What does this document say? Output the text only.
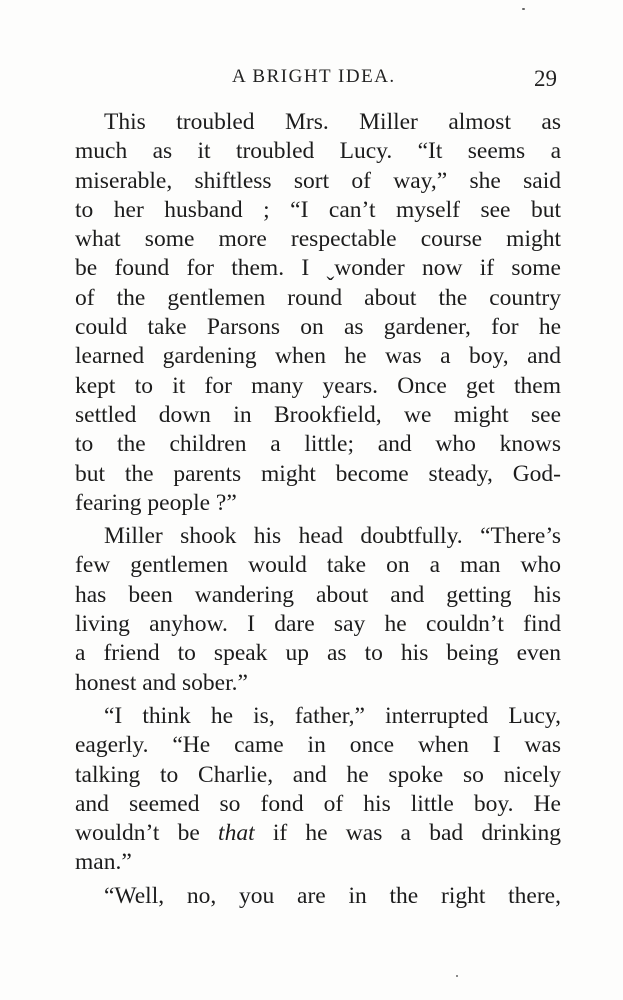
A BRIGHT IDEA.	29
This troubled Mrs. Miller almost as
much as it troubled Lucy. “It seems a
miserable, shiftless sort of way,” she said
to her husband ; “I can’t myself see but
what some more respectable course might
be found for them. I ˬwonder now if some
of the gentlemen round about the country
could take Parsons on as gardener, for he
learned gardening when he was a boy, and
kept to it for many years. Once get them
settled down in Brookfield, we might see
to the children a little; and who knows
but the parents might become steady, God-
fearing people ?”
Miller shook his head doubtfully. “There’s
few gentlemen would take on a man who
has been wandering about and getting his
living anyhow. I dare say he couldn’t find
a friend to speak up as to his being even
honest and sober.”
“I think he is, father,” interrupted Lucy,
eagerly. “He came in once when I was
talking to Charlie, and he spoke so nicely
and seemed so fond of his little boy. He
wouldn’t be that if he was a bad drinking
man.”
“Well, no, you are in the right there,
